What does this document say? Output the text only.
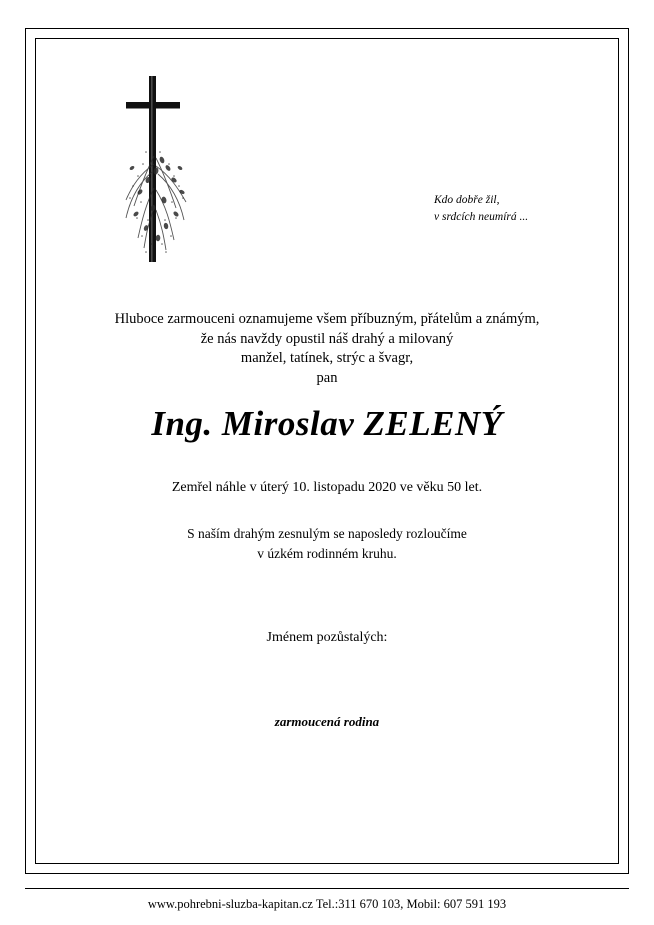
Kdo dobře žil,
v srdcích neumírá ...
Hluboce zarmouceni oznamujeme všem příbuzným, přátelům a známým,
že nás navždy opustil náš drahý a milovaný
manžel, tatínek, strýc a švagr,
pan
Ing. Miroslav ZELENÝ
Zemřel náhle v úterý 10. listopadu 2020 ve věku 50 let.
S naším drahým zesnulým se naposledy rozloučíme
v úzkém rodinném kruhu.
Jménem pozůstalých:
zarmoucená rodina
www.pohrebni-sluzba-kapitan.cz Tel.:311 670 103, Mobil: 607 591 193
